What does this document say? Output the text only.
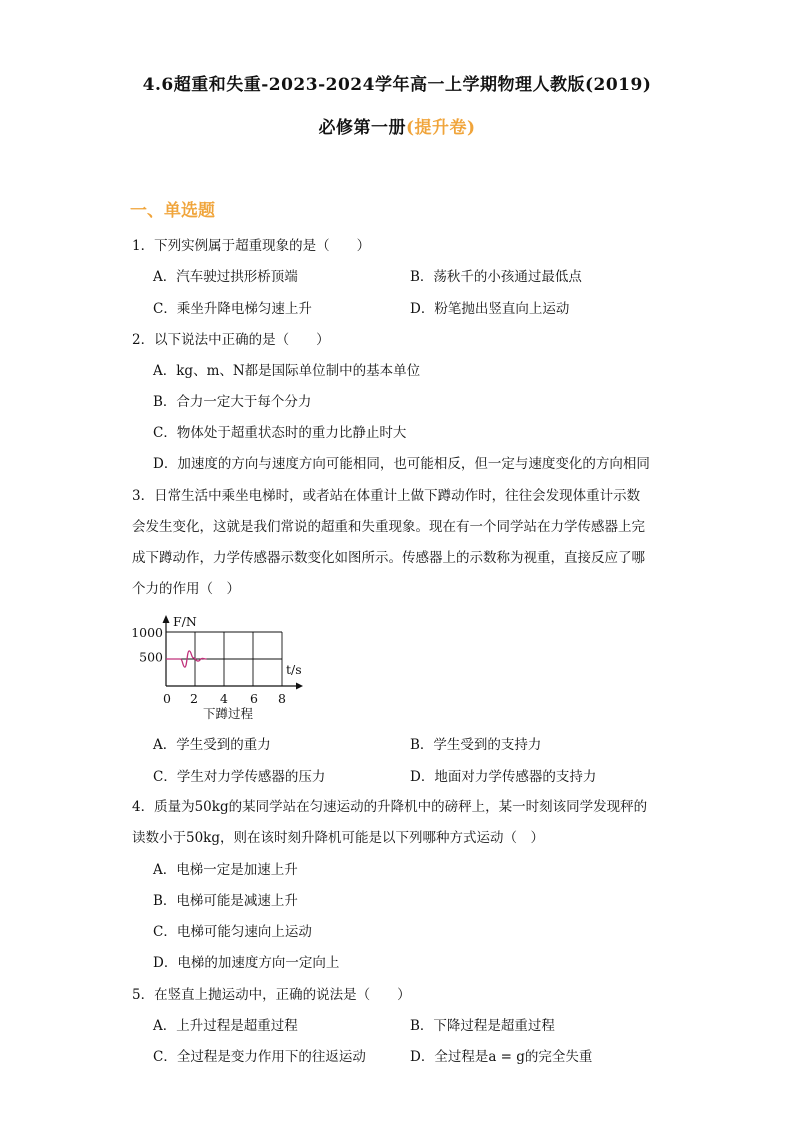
4.6超重和失重-2023-2024学年高一上学期物理人教版(2019)
必修第一册(提升卷)
一、单选题
1．下列实例属于超重现象的是（　　）
A．汽车驶过拱形桥顶端	B．荡秋千的小孩通过最低点
C．乘坐升降电梯匀速上升	D．粉笔抛出竖直向上运动
2．以下说法中正确的是（　　）
A．kg、m、N都是国际单位制中的基本单位
B．合力一定大于每个分力
C．物体处于超重状态时的重力比静止时大
D．加速度的方向与速度方向可能相同，也可能相反，但一定与速度变化的方向相同
3．日常生活中乘坐电梯时，或者站在体重计上做下蹲动作时，往往会发现体重计示数
会发生变化，这就是我们常说的超重和失重现象。现在有一个同学站在力学传感器上完
成下蹲动作，力学传感器示数变化如图所示。传感器上的示数称为视重，直接反应了哪
个力的作用（　）
F/N
t/s
1000
500
0 2 4 6 8
下蹲过程
A．学生受到的重力	B．学生受到的支持力
C．学生对力学传感器的压力	D．地面对力学传感器的支持力
4．质量为50kg的某同学站在匀速运动的升降机中的磅秤上，某一时刻该同学发现秤的
读数小于50kg，则在该时刻升降机可能是以下列哪种方式运动（　）
A．电梯一定是加速上升
B．电梯可能是减速上升
C．电梯可能匀速向上运动
D．电梯的加速度方向一定向上
5．在竖直上抛运动中，正确的说法是（　　）
A．上升过程是超重过程	B．下降过程是超重过程
C．全过程是变力作用下的往返运动	D．全过程是a = g的完全失重
